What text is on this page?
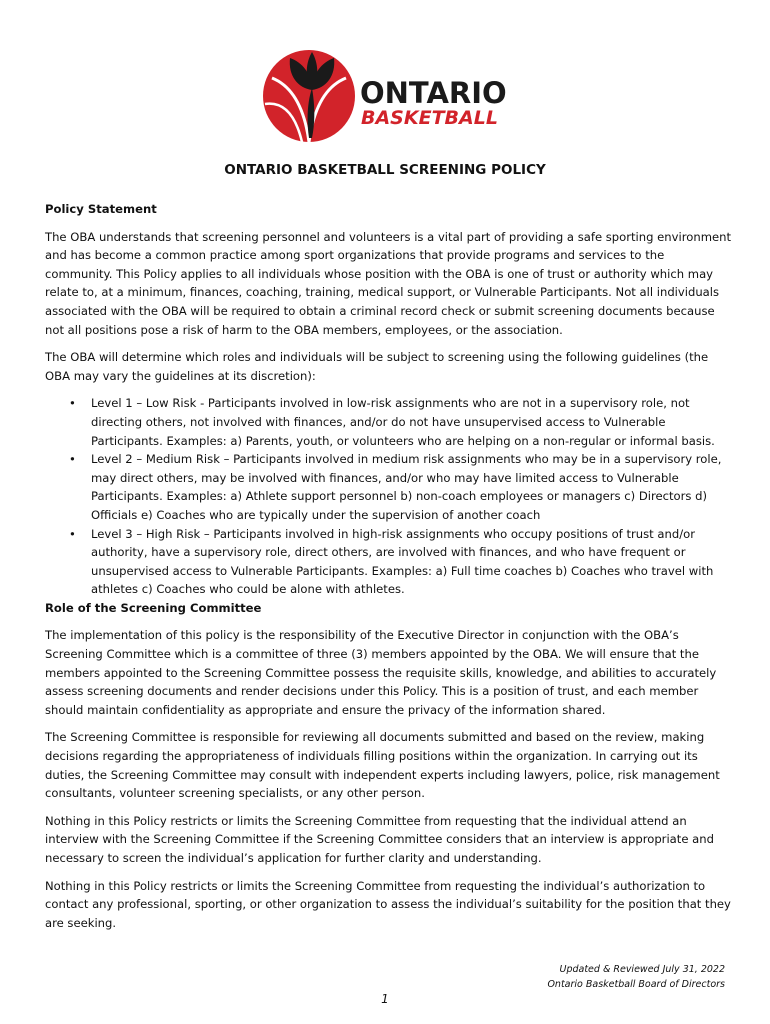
ONTARIO
BASKETBALL
ONTARIO BASKETBALL SCREENING POLICY
Policy Statement

The OBA understands that screening personnel and volunteers is a vital part of providing a safe sporting environment and has become a common practice among sport organizations that provide programs and services to the community. This Policy applies to all individuals whose position with the OBA is one of trust or authority which may relate to, at a minimum, finances, coaching, training, medical support, or Vulnerable Participants. Not all individuals associated with the OBA will be required to obtain a criminal record check or submit screening documents because not all positions pose a risk of harm to the OBA members, employees, or the association.

The OBA will determine which roles and individuals will be subject to screening using the following guidelines (the OBA may vary the guidelines at its discretion):

• Level 1 – Low Risk - Participants involved in low-risk assignments who are not in a supervisory role, not directing others, not involved with finances, and/or do not have unsupervised access to Vulnerable Participants. Examples: a) Parents, youth, or volunteers who are helping on a non-regular or informal basis.
• Level 2 – Medium Risk – Participants involved in medium risk assignments who may be in a supervisory role, may direct others, may be involved with finances, and/or who may have limited access to Vulnerable Participants. Examples: a) Athlete support personnel b) non-coach employees or managers c) Directors d) Officials e) Coaches who are typically under the supervision of another coach
• Level 3 – High Risk – Participants involved in high-risk assignments who occupy positions of trust and/or authority, have a supervisory role, direct others, are involved with finances, and who have frequent or unsupervised access to Vulnerable Participants. Examples: a) Full time coaches b) Coaches who travel with athletes c) Coaches who could be alone with athletes.
Role of the Screening Committee

The implementation of this policy is the responsibility of the Executive Director in conjunction with the OBA’s Screening Committee which is a committee of three (3) members appointed by the OBA. We will ensure that the members appointed to the Screening Committee possess the requisite skills, knowledge, and abilities to accurately assess screening documents and render decisions under this Policy. This is a position of trust, and each member should maintain confidentiality as appropriate and ensure the privacy of the information shared.

The Screening Committee is responsible for reviewing all documents submitted and based on the review, making decisions regarding the appropriateness of individuals filling positions within the organization. In carrying out its duties, the Screening Committee may consult with independent experts including lawyers, police, risk management consultants, volunteer screening specialists, or any other person.

Nothing in this Policy restricts or limits the Screening Committee from requesting that the individual attend an interview with the Screening Committee if the Screening Committee considers that an interview is appropriate and necessary to screen the individual’s application for further clarity and understanding.

Nothing in this Policy restricts or limits the Screening Committee from requesting the individual’s authorization to contact any professional, sporting, or other organization to assess the individual’s suitability for the position that they are seeking.

Updated & Reviewed July 31, 2022
Ontario Basketball Board of Directors
1
